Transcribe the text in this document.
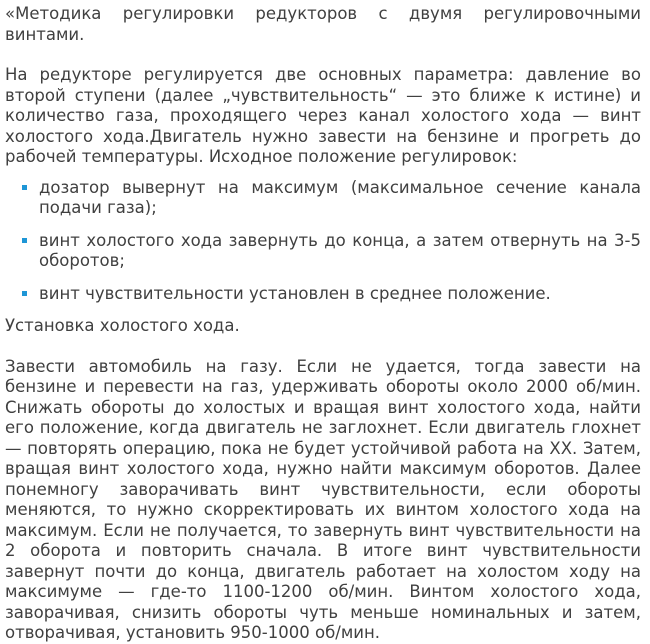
«Методика регулировки редукторов с двумя регулировочными винтами.

На редукторе регулируется две основных параметра: давление во второй ступени (далее „чувствительность“ — это ближе к истине) и количество газа, проходящего через канал холостого хода — винт холостого хода.Двигатель нужно завести на бензине и прогреть до рабочей температуры. Исходное положение регулировок:

дозатор вывернут на максимум (максимальное сечение канала подачи газа);
винт холостого хода завернуть до конца, а затем отвернуть на 3-5 оборотов;
винт чувствительности установлен в среднее положение.

Установка холостого хода.

Завести автомобиль на газу. Если не удается, тогда завести на бензине и перевести на газ, удерживать обороты около 2000 об/мин. Снижать обороты до холостых и вращая винт холостого хода, найти его положение, когда двигатель не заглохнет. Если двигатель глохнет — повторять операцию, пока не будет устойчивой работа на ХХ. Затем, вращая винт холостого хода, нужно найти максимум оборотов. Далее понемногу заворачивать винт чувствительности, если обороты меняются, то нужно скорректировать их винтом холостого хода на максимум. Если не получается, то завернуть винт чувствительности на 2 оборота и повторить сначала. В итоге винт чувствительности завернут почти до конца, двигатель работает на холостом ходу на максимуме — где-то 1100-1200 об/мин. Винтом холостого хода, заворачивая, снизить обороты чуть меньше номинальных и затем, отворачивая, установить 950-1000 об/мин.
